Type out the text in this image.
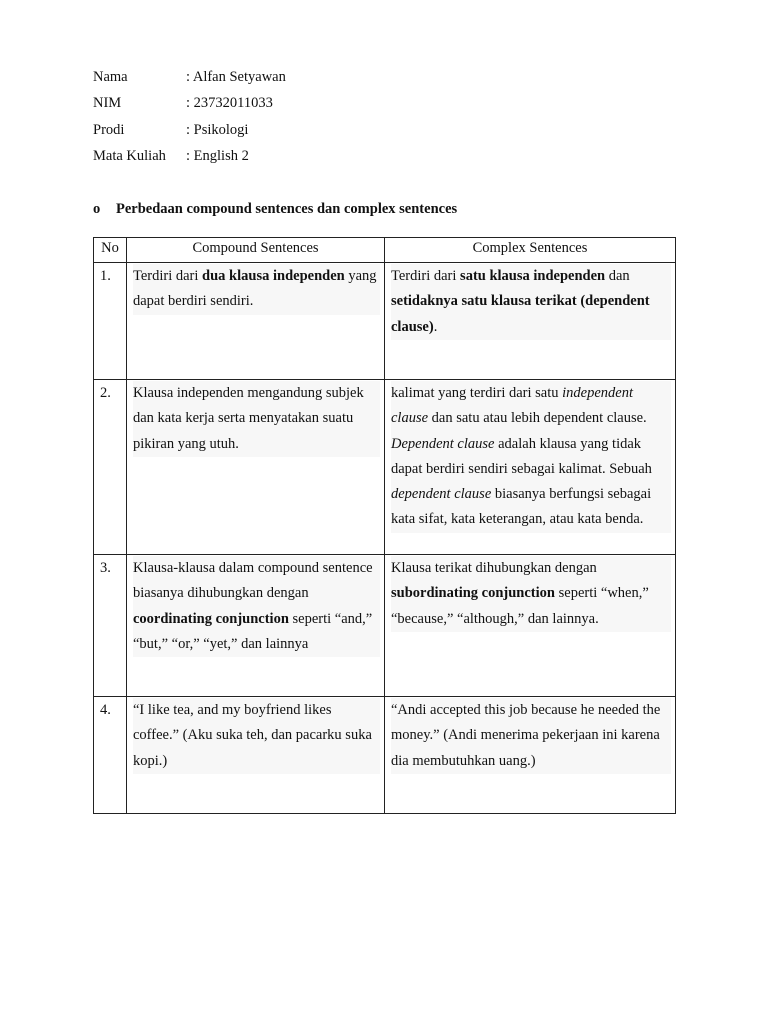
Nama	: Alfan Setyawan
NIM	: 23732011033
Prodi	: Psikologi
Mata Kuliah : English 2
o Perbedaan compound sentences dan complex sentences
No	Compound Sentences	Complex Sentences
1.	Terdiri dari dua klausa independen yang dapat berdiri sendiri.	Terdiri dari satu klausa independen dan setidaknya satu klausa terikat (dependent clause).

2.	Klausa independen mengandung subjek dan kata kerja serta menyatakan suatu pikiran yang utuh.	kalimat yang terdiri dari satu independent clause dan satu atau lebih dependent clause. Dependent clause adalah klausa yang tidak dapat berdiri sendiri sebagai kalimat. Sebuah dependent clause biasanya berfungsi sebagai kata sifat, kata keterangan, atau kata benda.

3.	Klausa-klausa dalam compound sentence biasanya dihubungkan dengan coordinating conjunction seperti “and,” “but,” “or,” “yet,” dan lainnya	Klausa terikat dihubungkan dengan subordinating conjunction seperti “when,” “because,” “although,” dan lainnya.

4.	“I like tea, and my boyfriend likes coffee.” (Aku suka teh, dan pacarku suka kopi.)	“Andi accepted this job because he needed the money.” (Andi menerima pekerjaan ini karena dia membutuhkan uang.)
